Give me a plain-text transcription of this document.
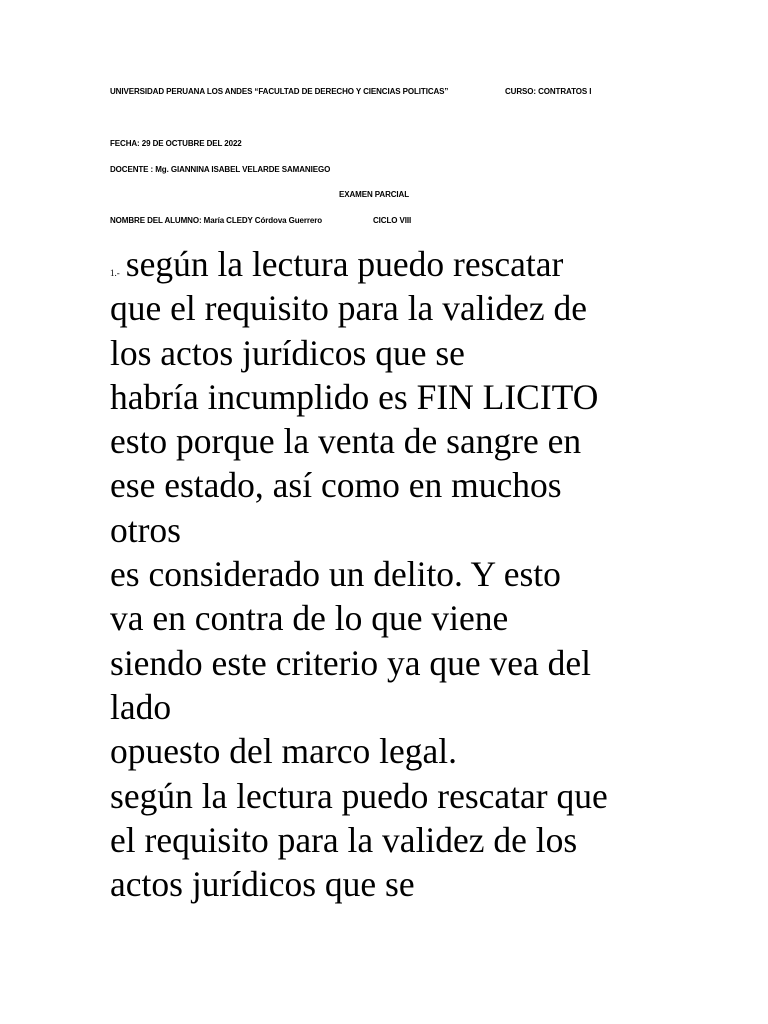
UNIVERSIDAD PERUANA LOS ANDES “FACULTAD DE DERECHO Y CIENCIAS POLITICAS”	CURSO: CONTRATOS I
FECHA: 29 DE OCTUBRE DEL 2022
DOCENTE : Mg. GIANNINA ISABEL VELARDE SAMANIEGO
EXAMEN PARCIAL
NOMBRE DEL ALUMNO: María CLEDY Córdova Guerrero	CICLO VIII
1.- según la lectura puedo rescatar
que el requisito para la validez de
los actos jurídicos que se
habría incumplido es FIN LICITO
esto porque la venta de sangre en
ese estado, así como en muchos
otros
es considerado un delito. Y esto
va en contra de lo que viene
siendo este criterio ya que vea del
lado
opuesto del marco legal.
según la lectura puedo rescatar que
el requisito para la validez de los
actos jurídicos que se
